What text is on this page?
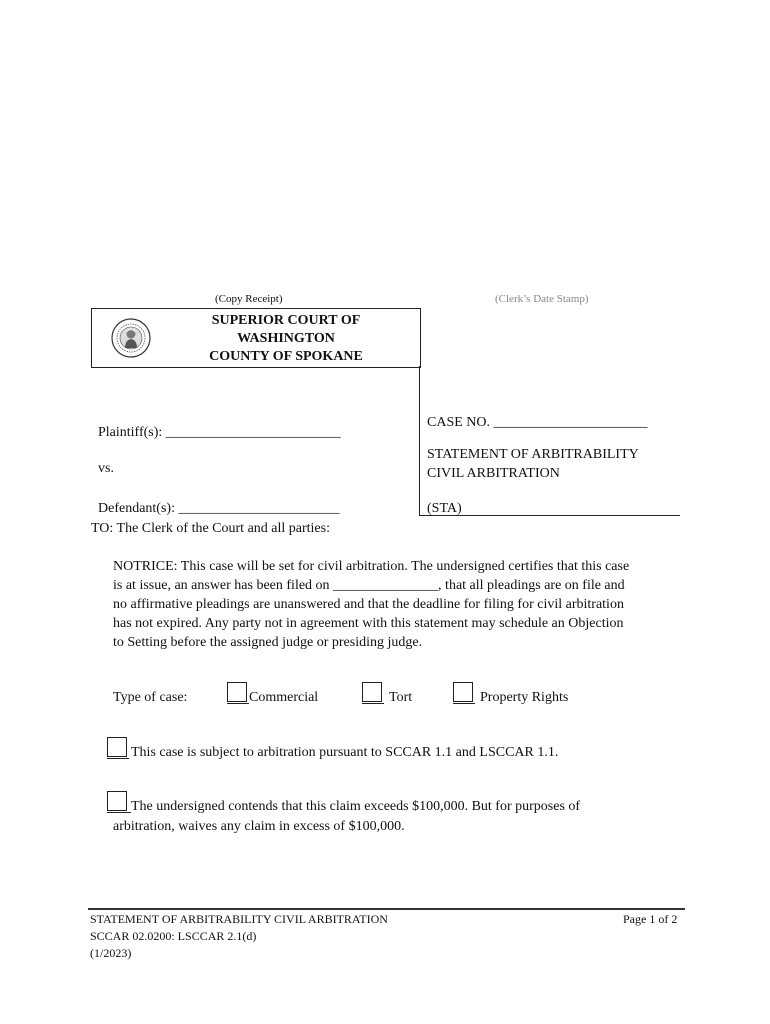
(Copy Receipt)	(Clerk’s Date Stamp)
SUPERIOR COURT OF
WASHINGTON
COUNTY OF SPOKANE
Plaintiff(s): _________________________
vs.
Defendant(s): _______________________
CASE NO. ______________________
STATEMENT OF ARBITRABILITY
CIVIL ARBITRATION
(STA)
TO: The Clerk of the Court and all parties:
NOTRICE: This case will be set for civil arbitration. The undersigned certifies that this case
is at issue, an answer has been filed on _______________, that all pleadings are on file and
no affirmative pleadings are unanswered and that the deadline for filing for civil arbitration
has not expired. Any party not in agreement with this statement may schedule an Objection
to Setting before the assigned judge or presiding judge.
Type of case:	Commercial	Tort	Property Rights
This case is subject to arbitration pursuant to SCCAR 1.1 and LSCCAR 1.1.
The undersigned contends that this claim exceeds $100,000. But for purposes of
arbitration, waives any claim in excess of $100,000.
STATEMENT OF ARBITRABILITY CIVIL ARBITRATION
SCCAR 02.0200: LSCCAR 2.1(d)
(1/2023)
Page 1 of 2
